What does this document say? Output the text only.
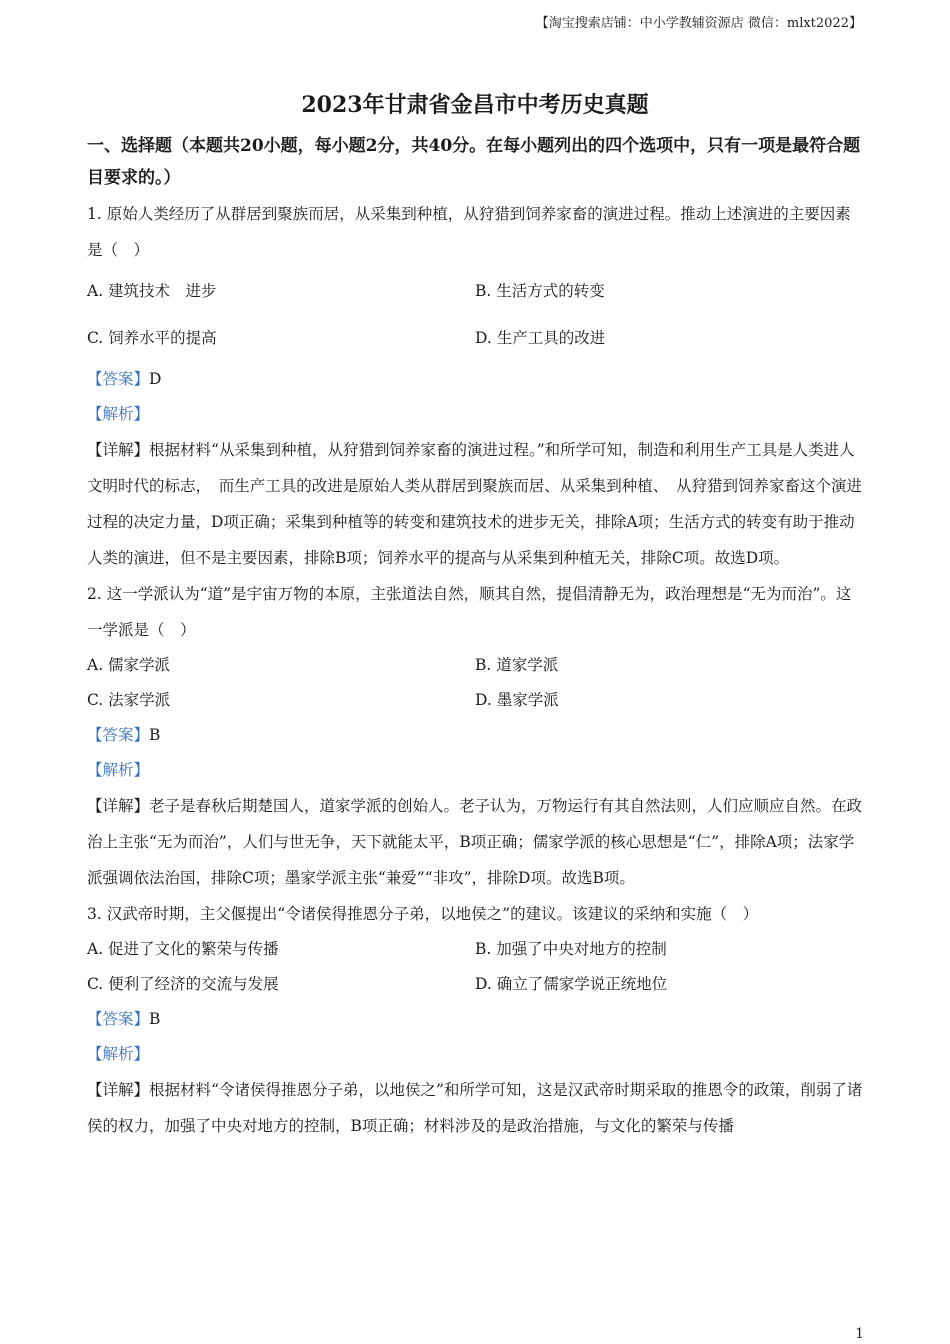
【淘宝搜索店铺：中小学教辅资源店 微信：mlxt2022】
2023年甘肃省金昌市中考历史真题

一、选择题（本题共20小题，每小题2分，共40分。在每小题列出的四个选项中，只有一项是最符合题目要求的。）

1. 原始人类经历了从群居到聚族而居，从采集到种植，从狩猎到饲养家畜的演进过程。推动上述演进的主要因素是（　）

A. 建筑技术　进步	B. 生活方式的转变
C. 饲养水平的提高	D. 生产工具的改进

【答案】D

【解析】

【详解】根据材料“从采集到种植，从狩猎到饲养家畜的演进过程。”和所学可知，制造和利用生产工具是人类进人文明时代的标志，　而生产工具的改进是原始人类从群居到聚族而居、从采集到种植、　从狩猎到饲养家畜这个演进过程的决定力量，D项正确；采集到种植等的转变和建筑技术的进步无关，排除A项；生活方式的转变有助于推动人类的演进，但不是主要因素，排除B项；饲养水平的提高与从采集到种植无关，排除C项。故选D项。

2. 这一学派认为“道”是宇宙万物的本原，主张道法自然，顺其自然，提倡清静无为，政治理想是“无为而治”。这一学派是（　）

A. 儒家学派	B. 道家学派
C. 法家学派	D. 墨家学派

【答案】B

【解析】

【详解】老子是春秋后期楚国人，道家学派的创始人。老子认为，万物运行有其自然法则，人们应顺应自然。在政治上主张“无为而治”，人们与世无争，天下就能太平，B项正确；儒家学派的核心思想是“仁”，排除A项；法家学派强调依法治国，排除C项；墨家学派主张“兼爱”“非攻”，排除D项。故选B项。

3. 汉武帝时期，主父偃提出“令诸侯得推恩分子弟，以地侯之”的建议。该建议的采纳和实施（　）

A. 促进了文化的繁荣与传播	B. 加强了中央对地方的控制
C. 便利了经济的交流与发展	D. 确立了儒家学说正统地位

【答案】B

【解析】

【详解】根据材料“令诸侯得推恩分子弟，以地侯之”和所学可知，这是汉武帝时期采取的推恩令的政策，削弱了诸侯的权力，加强了中央对地方的控制，B项正确；材料涉及的是政治措施，与文化的繁荣与传播

1
